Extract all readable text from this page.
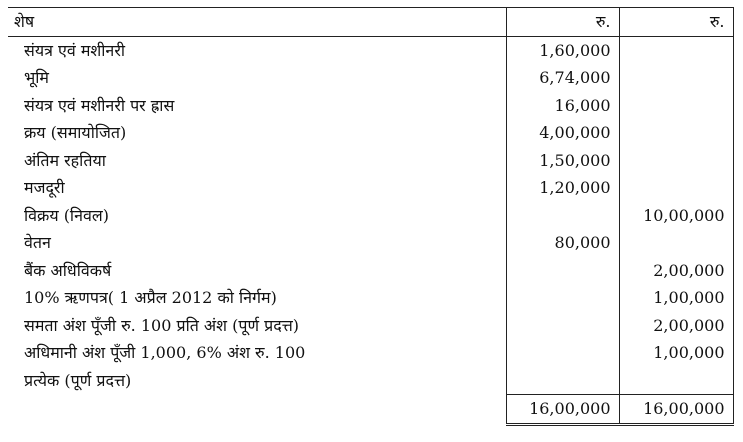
शेष	रु.	रु.
संयत्र एवं मशीनरी	1,60,000	
भूमि	6,74,000	
संयत्र एवं मशीनरी पर ह्रास	16,000	
क्रय (समायोजित)	4,00,000	
अंतिम रहतिया	1,50,000	
मजदूरी	1,20,000	
विक्रय (निवल)		10,00,000
वेतन	80,000	
बैंक अधिविकर्ष		2,00,000
10% ऋणपत्र( 1 अप्रैल 2012 को निर्गम)		1,00,000
समता अंश पूँजी रु. 100 प्रति अंश (पूर्ण प्रदत्त)		2,00,000
अधिमानी अंश पूँजी 1,000, 6% अंश रु. 100		1,00,000
प्रत्येक (पूर्ण प्रदत्त)		
	16,00,000	16,00,000
